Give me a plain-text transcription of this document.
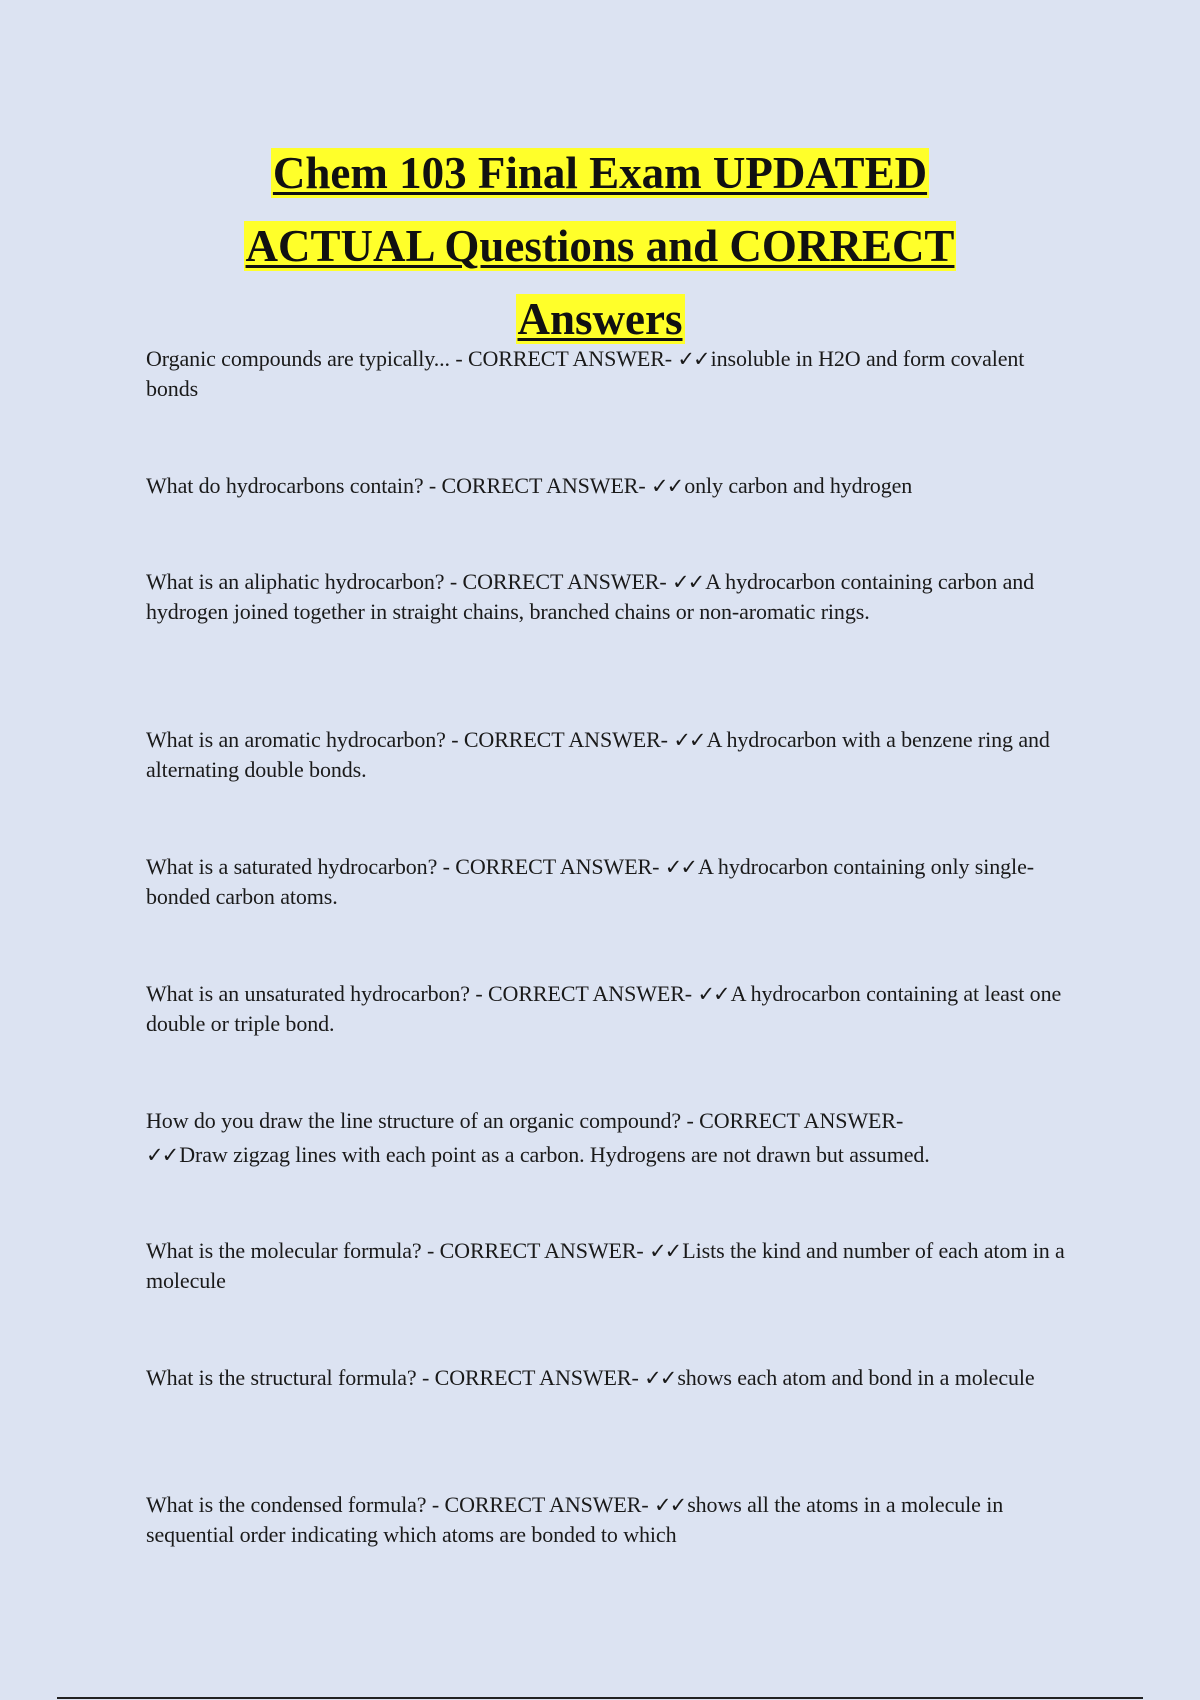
Chem 103 Final Exam UPDATED
ACTUAL Questions and CORRECT
Answers
Organic compounds are typically... - CORRECT ANSWER- ✓✓insoluble in H2O and form covalent bonds
What do hydrocarbons contain? - CORRECT ANSWER- ✓✓only carbon and hydrogen
What is an aliphatic hydrocarbon? - CORRECT ANSWER- ✓✓A hydrocarbon containing carbon and hydrogen joined together in straight chains, branched chains or non-aromatic rings.
What is an aromatic hydrocarbon? - CORRECT ANSWER- ✓✓A hydrocarbon with a benzene ring and alternating double bonds.
What is a saturated hydrocarbon? - CORRECT ANSWER- ✓✓A hydrocarbon containing only single-bonded carbon atoms.
What is an unsaturated hydrocarbon? - CORRECT ANSWER- ✓✓A hydrocarbon containing at least one double or triple bond.
How do you draw the line structure of an organic compound? - CORRECT ANSWER-
✓✓Draw zigzag lines with each point as a carbon. Hydrogens are not drawn but assumed.
What is the molecular formula? - CORRECT ANSWER- ✓✓Lists the kind and number of each atom in a molecule
What is the structural formula? - CORRECT ANSWER- ✓✓shows each atom and bond in a molecule
What is the condensed formula? - CORRECT ANSWER- ✓✓shows all the atoms in a molecule in sequential order indicating which atoms are bonded to which
